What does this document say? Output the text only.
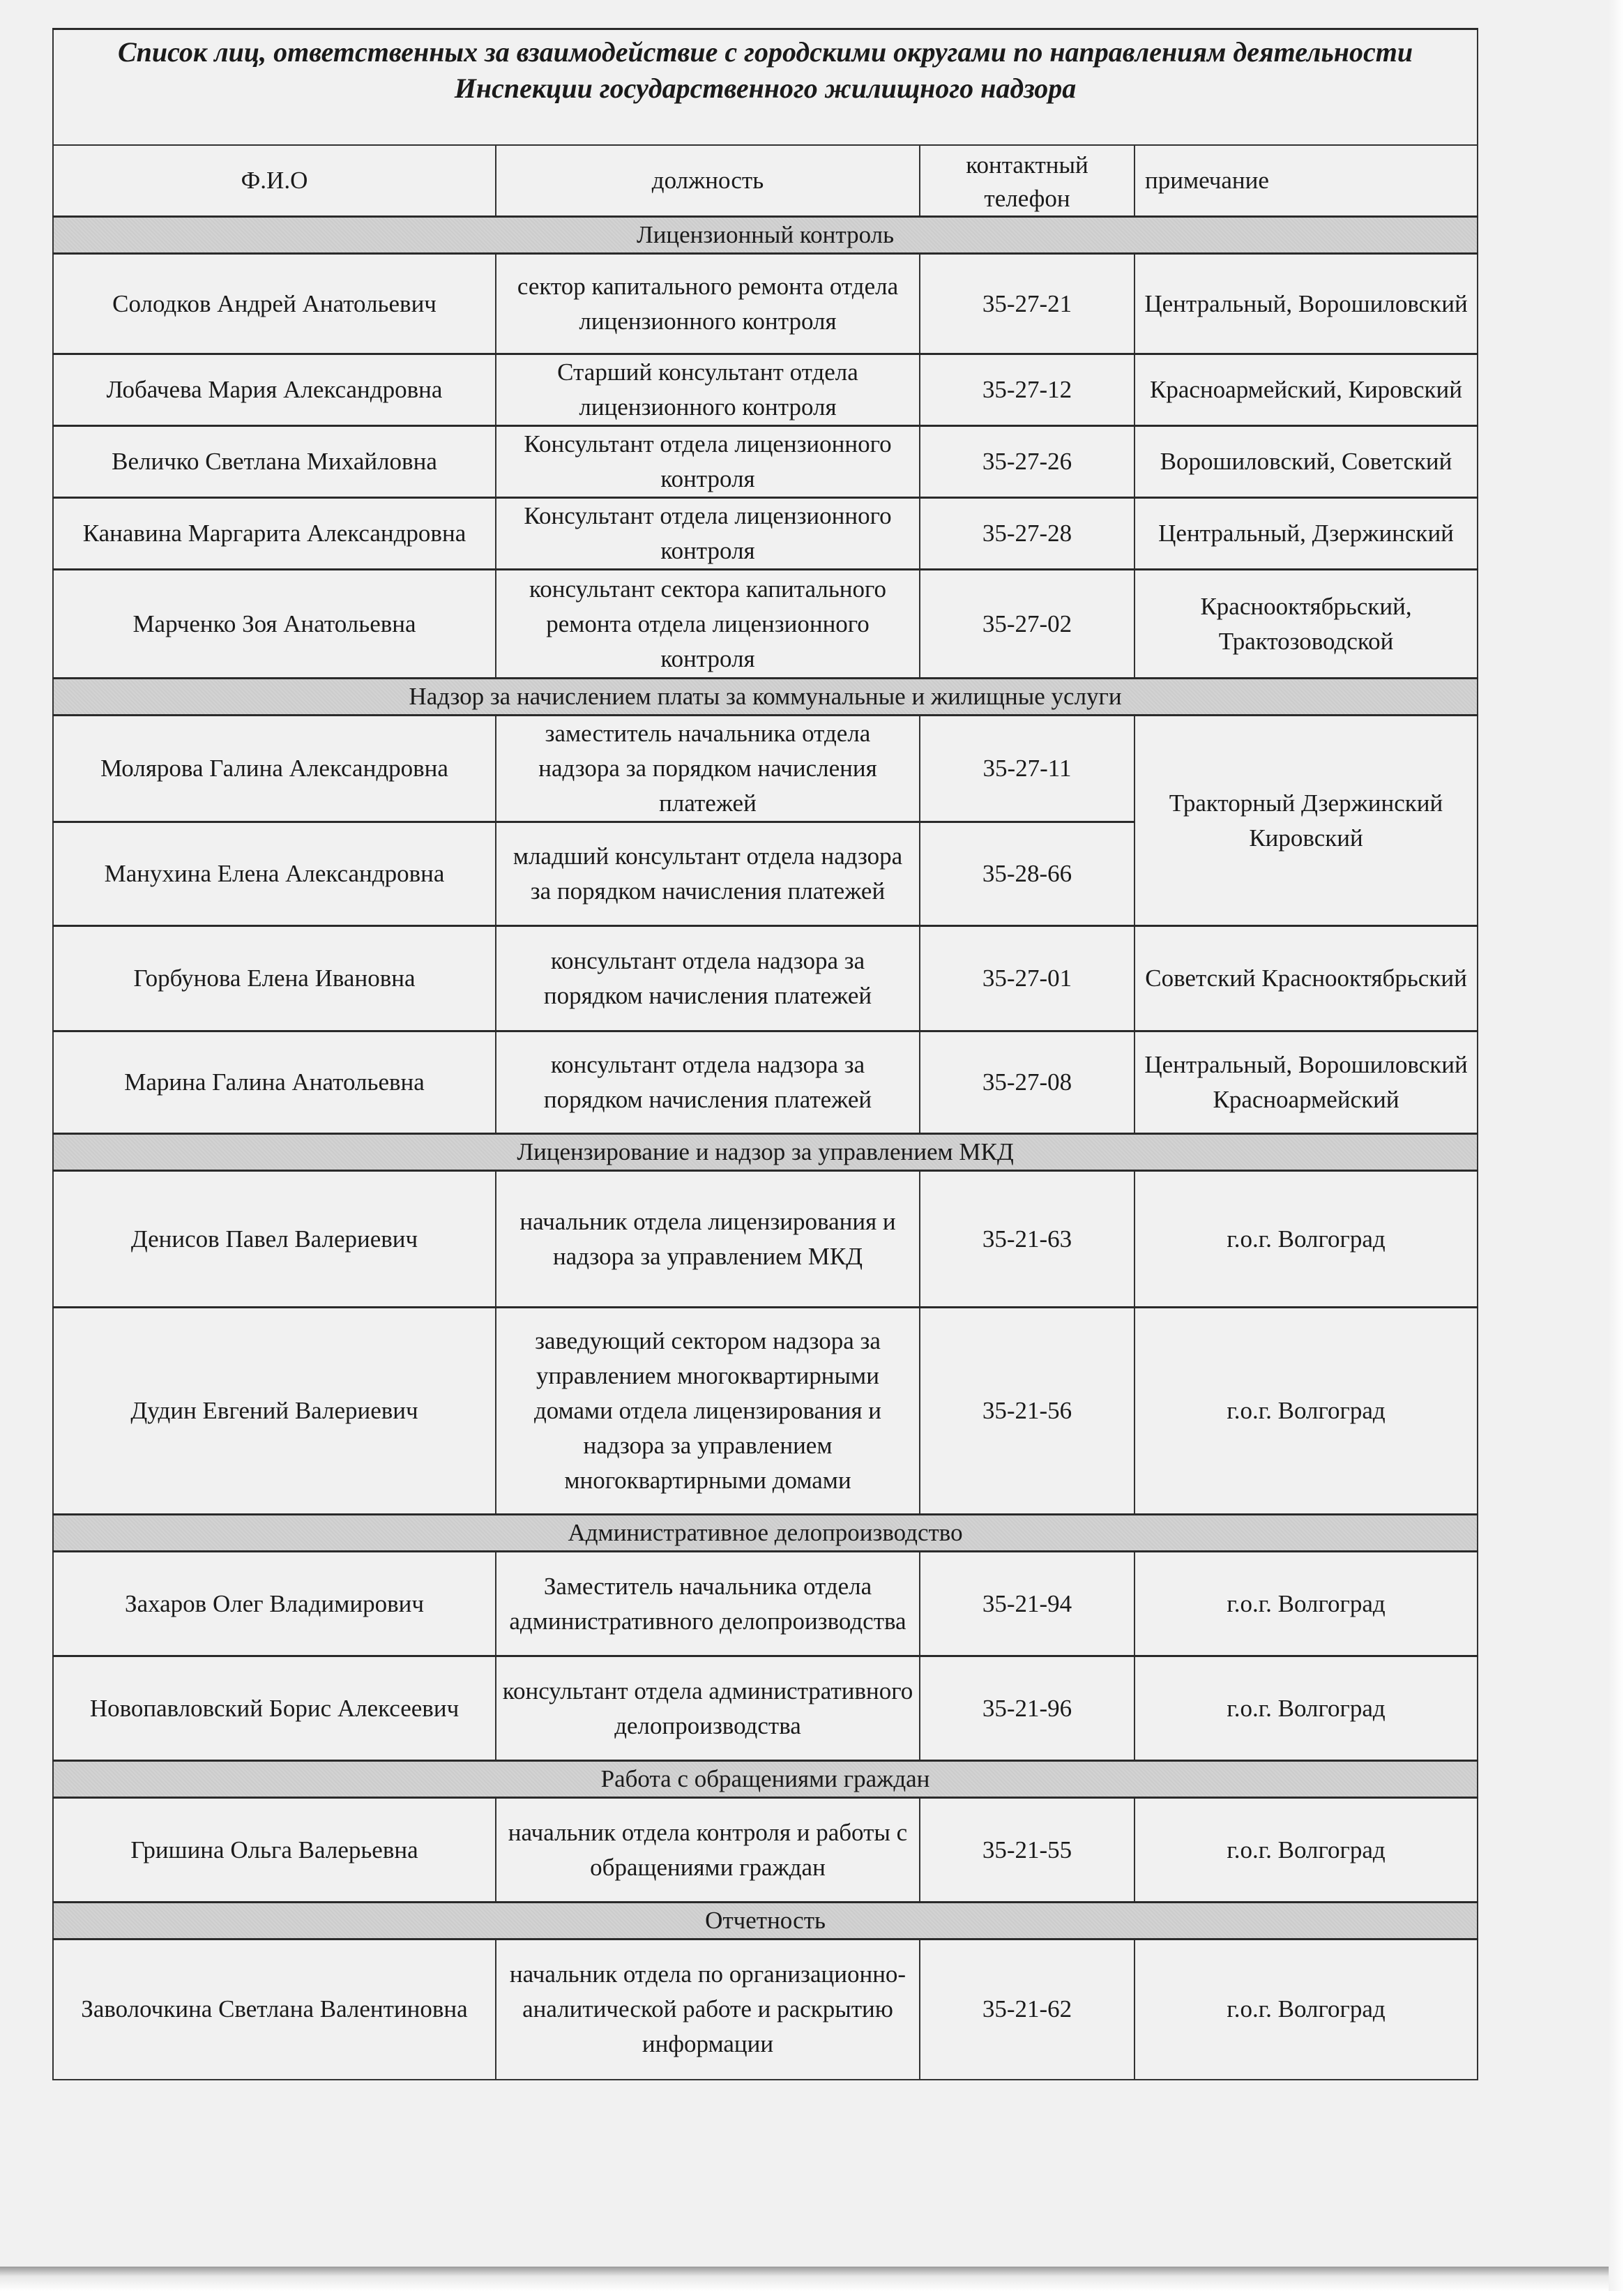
Список лиц, ответственных за взаимодействие с городскими округами по направлениям деятельности Инспекции государственного жилищного надзора			
Ф.И.О	должность	контактный телефон	примечание
Лицензионный контроль			
Солодков Андрей Анатольевич	сектор капитального ремонта отдела лицензионного контроля	35-27-21	Центральный, Ворошиловский
Лобачева Мария Александровна	Старший консультант отдела лицензионного контроля	35-27-12	Красноармейский, Кировский
Величко Светлана Михайловна	Консультант отдела лицензионного контроля	35-27-26	Ворошиловский, Советский
Канавина Маргарита Александровна	Консультант отдела лицензионного контроля	35-27-28	Центральный, Дзержинский
Марченко Зоя Анатольевна	консультант сектора капитального ремонта отдела лицензионного контроля	35-27-02	Краснооктябрьский, Трактозоводской
Надзор за начислением платы за коммунальные и жилищные услуги			
Молярова Галина Александровна	заместитель начальника отдела надзора за порядком начисления платежей	35-27-11	Тракторный Дзержинский Кировский
Манухина Елена Александровна	младший консультант отдела надзора за порядком начисления платежей	35-28-66	
Горбунова Елена Ивановна	консультант отдела надзора за порядком начисления платежей	35-27-01	Советский Краснооктябрьский
Марина Галина Анатольевна	консультант отдела надзора за порядком начисления платежей	35-27-08	Центральный, Ворошиловский Красноармейский
Лицензирование и надзор за управлением МКД			
Денисов Павел Валериевич	начальник отдела лицензирования и надзора за управлением МКД	35-21-63	г.о.г. Волгоград
Дудин Евгений Валериевич	заведующий сектором надзора за управлением многоквартирными домами отдела лицензирования и надзора за управлением многоквартирными домами	35-21-56	г.о.г. Волгоград
Административное делопроизводство			
Захаров Олег Владимирович	Заместитель начальника отдела административного делопроизводства	35-21-94	г.о.г. Волгоград
Новопавловский Борис Алексеевич	консультант отдела административного делопроизводства	35-21-96	г.о.г. Волгоград
Работа с обращениями граждан			
Гришина Ольга Валерьевна	начальник отдела контроля и работы с обращениями граждан	35-21-55	г.о.г. Волгоград
Отчетность			
Заволочкина Светлана Валентиновна	начальник отдела по организационно-аналитической работе и раскрытию информации	35-21-62	г.о.г. Волгоград
